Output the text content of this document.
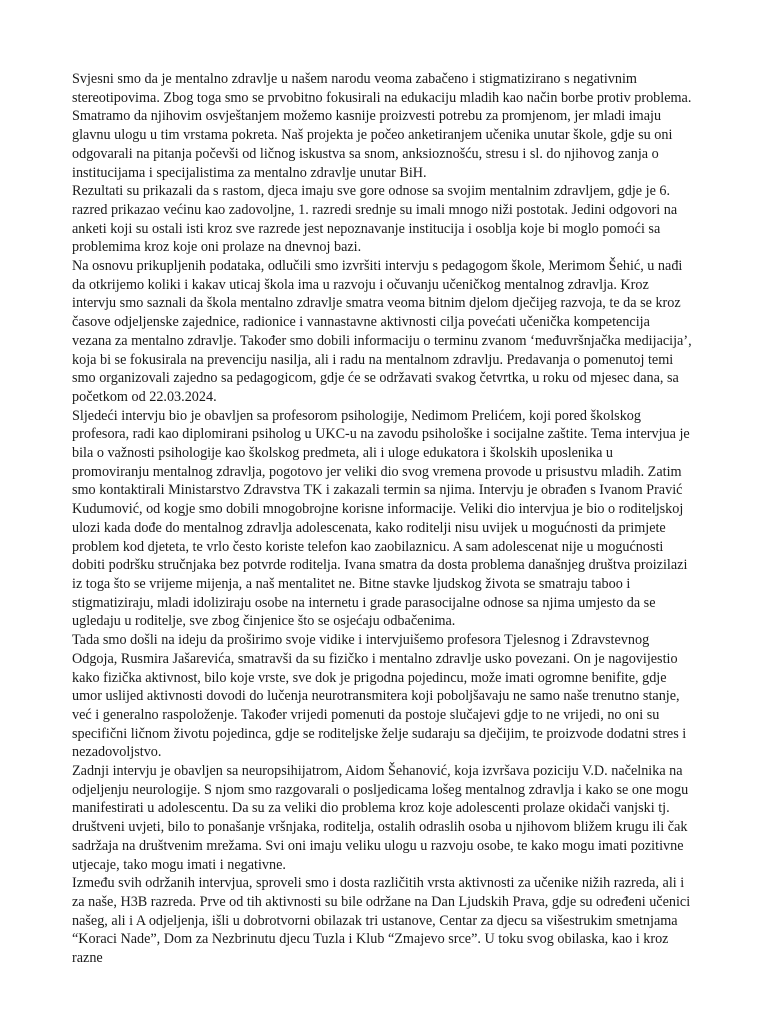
Svjesni smo da je mentalno zdravlje u našem narodu veoma zabačeno i stigmatizirano s negativnim stereotipovima. Zbog toga smo se prvobitno fokusirali na edukaciju mladih kao način borbe protiv problema. Smatramo da njihovim osvještanjem možemo kasnije proizvesti potrebu za promjenom, jer mladi imaju glavnu ulogu u tim vrstama pokreta. Naš projekta je počeo anketiranjem učenika unutar škole, gdje su oni odgovarali na pitanja počevši od ličnog iskustva sa snom, anksioznošću, stresu i sl. do njihovog zanja o institucijama i specijalistima za mentalno zdravlje unutar BiH.

Rezultati su prikazali da s rastom, djeca imaju sve gore odnose sa svojim mentalnim zdravljem, gdje je 6. razred prikazao većinu kao zadovoljne, 1. razredi srednje su imali mnogo niži postotak. Jedini odgovori na anketi koji su ostali isti kroz sve razrede jest nepoznavanje institucija i osoblja koje bi moglo pomoći sa problemima kroz koje oni prolaze na dnevnoj bazi.

Na osnovu prikupljenih podataka, odlučili smo izvršiti intervju s pedagogom škole, Merimom Šehić, u nađi da otkrijemo koliki i kakav uticaj škola ima u razvoju i očuvanju učeničkog mentalnog zdravlja. Kroz intervju smo saznali da škola mentalno zdravlje smatra veoma bitnim djelom dječijeg razvoja, te da se kroz časove odjeljenske zajednice, radionice i vannastavne aktivnosti cilja povećati učenička kompetencija vezana za mentalno zdravlje. Također smo dobili informaciju o terminu zvanom ‘međuvršnjačka medijacija’, koja bi se fokusirala na prevenciju nasilja, ali i radu na mentalnom zdravlju. Predavanja o pomenutoj temi smo organizovali zajedno sa pedagogicom, gdje će se održavati svakog četvrtka, u roku od mjesec dana, sa početkom od 22.03.2024.

Sljedeći intervju bio je obavljen sa profesorom psihologije, Nedimom Prelićem, koji pored školskog profesora, radi kao diplomirani psiholog u UKC-u na zavodu psihološke i socijalne zaštite. Tema intervjua je bila o važnosti psihologije kao školskog predmeta, ali i uloge edukatora i školskih uposlenika u promoviranju mentalnog zdravlja, pogotovo jer veliki dio svog vremena provode u prisustvu mladih. Zatim smo kontaktirali Ministarstvo Zdravstva TK i zakazali termin sa njima. Intervju je obrađen s Ivanom Pravić Kudumović, od kogje smo dobili mnogobrojne korisne informacije. Veliki dio intervjua je bio o roditeljskoj ulozi kada dođe do mentalnog zdravlja adolescenata, kako roditelji nisu uvijek u mogućnosti da primjete problem kod djeteta, te vrlo često koriste telefon kao zaobilaznicu. A sam adolescenat nije u mogućnosti dobiti podršku stručnjaka bez potvrde roditelja. Ivana smatra da dosta problema današnjeg društva proizilazi iz toga što se vrijeme mijenja, a naš mentalitet ne. Bitne stavke ljudskog života se smatraju taboo i stigmatiziraju, mladi idoliziraju osobe na internetu i grade parasocijalne odnose sa njima umjesto da se ugledaju u roditelje, sve zbog činjenice što se osjećaju odbačenima.

Tada smo došli na ideju da proširimo svoje vidike i intervjuišemo profesora Tjelesnog i Zdravstevnog Odgoja, Rusmira Jašarevića, smatravši da su fizičko i mentalno zdravlje usko povezani. On je nagovijestio kako fizička aktivnost, bilo koje vrste, sve dok je prigodna pojedincu, može imati ogromne benifite, gdje umor uslijed aktivnosti dovodi do lučenja neurotransmitera koji poboljšavaju ne samo naše trenutno stanje, već i generalno raspoloženje. Također vrijedi pomenuti da postoje slučajevi gdje to ne vrijedi, no oni su specifični ličnom životu pojedinca, gdje se roditeljske želje sudaraju sa dječijim, te proizvode dodatni stres i nezadovoljstvo.

Zadnji intervju je obavljen sa neuropsihijatrom, Aidom Šehanović, koja izvršava poziciju V.D. načelnika na odjeljenju neurologije. S njom smo razgovarali o posljedicama lošeg mentalnog zdravlja i kako se one mogu manifestirati u adolescentu. Da su za veliki dio problema kroz koje adolescenti prolaze okidači vanjski tj. društveni uvjeti, bilo to ponašanje vršnjaka, roditelja, ostalih odraslih osoba u njihovom bližem krugu ili čak sadržaja na društvenim mrežama. Svi oni imaju veliku ulogu u razvoju osobe, te kako mogu imati pozitivne utjecaje, tako mogu imati i negativne.

Između svih održanih intervjua, sproveli smo i dosta različitih vrsta aktivnosti za učenike nižih razreda, ali i za naše, H3B razreda. Prve od tih aktivnosti su bile održane na Dan Ljudskih Prava, gdje su određeni učenici našeg, ali i A odjeljenja, išli u dobrotvorni obilazak tri ustanove, Centar za djecu sa višestrukim smetnjama “Koraci Nade”, Dom za Nezbrinutu djecu Tuzla i Klub “Zmajevo srce”. U toku svog obilaska, kao i kroz razne
